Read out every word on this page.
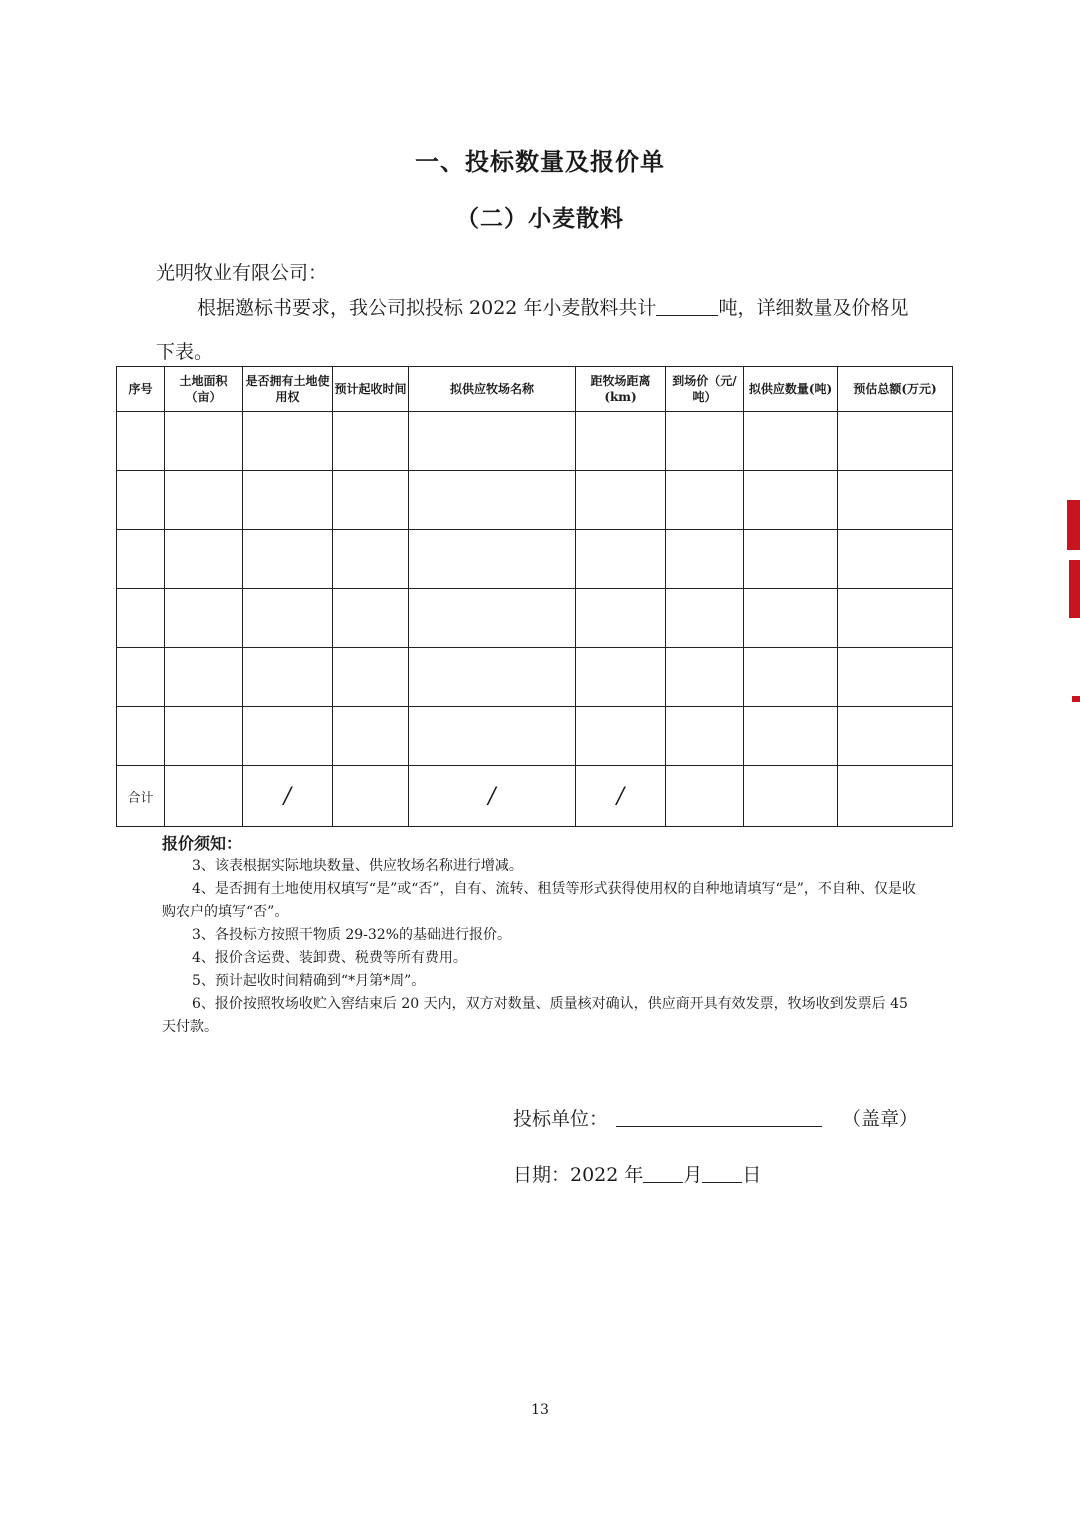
一、投标数量及报价单
（二）小麦散料
光明牧业有限公司：
根据邀标书要求，我公司拟投标 2022 年小麦散料共计	吨，详细数量及价格见下表。
序号	土地面积（亩）	是否拥有土地使用权	预计起收时间	拟供应牧场名称	距牧场距离(km)	到场价（元/吨）	拟供应数量(吨)	预估总额(万元)

合计		/		/	/			
报价须知：
3、该表根据实际地块数量、供应牧场名称进行增减。
4、是否拥有土地使用权填写“是”或“否”，自有、流转、租赁等形式获得使用权的自种地请填写“是”，不自种、仅是收购农户的填写“否”。
3、各投标方按照干物质 29-32%的基础进行报价。
4、报价含运费、装卸费、税费等所有费用。
5、预计起收时间精确到“*月第*周”。
6、报价按照牧场收贮入窖结束后 20 天内，双方对数量、质量核对确认，供应商开具有效发票，牧场收到发票后 45 天付款。
投标单位：	（盖章）
日期：2022 年 月 日
13
